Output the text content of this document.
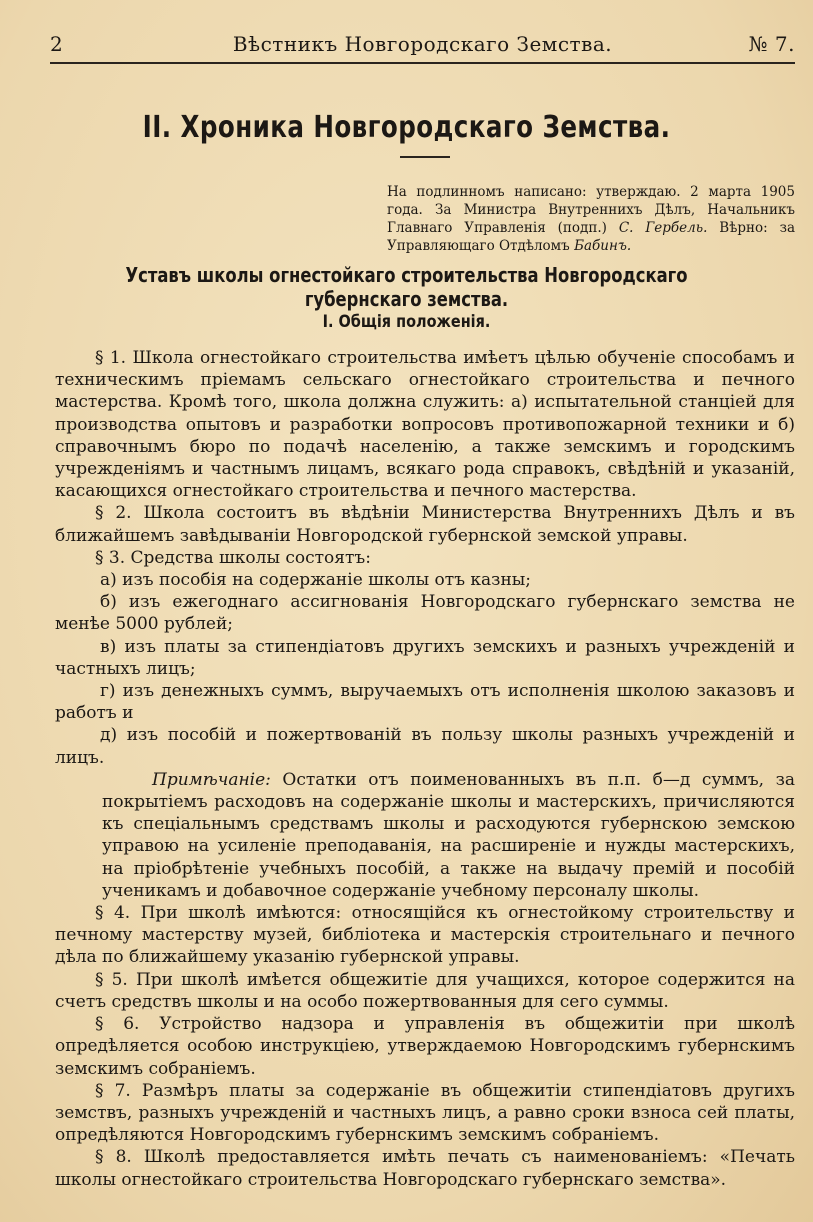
2	Вѣстникъ Новгородскаго Земства.	№ 7.
II. Хроника Новгородскаго Земства.

На подлинномъ написано: утверждаю. 2 марта 1905 года. За Министра Внутреннихъ Дѣлъ, Начальникъ Главнаго Управленія (подп.) С. Гербель. Вѣрно: за Управляющаго Отдѣломъ Бабинъ.

Уставъ школы огнестойкаго строительства Новгородскаго губернскаго земства.
I. Общія положенія.

§ 1. Школа огнестойкаго строительства имѣетъ цѣлью обученіе способамъ и техническимъ пріемамъ сельскаго огнестойкаго строительства и печного мастерства. Кромѣ того, школа должна служить: а) испытательной станціей для производства опытовъ и разработки вопросовъ противопожарной техники и б) справочнымъ бюро по подачѣ населенію, а также земскимъ и городскимъ учрежденіямъ и частнымъ лицамъ, всякаго рода справокъ, свѣдѣній и указаній, касающихся огнестойкаго строительства и печного мастерства.

§ 2. Школа состоитъ въ вѣдѣніи Министерства Внутреннихъ Дѣлъ и въ ближайшемъ завѣдываніи Новгородской губернской земской управы.

§ 3. Средства школы состоятъ:

а) изъ пособія на содержаніе школы отъ казны;

б) изъ ежегоднаго ассигнованія Новгородскаго губернскаго земства не менѣе 5000 рублей;

в) изъ платы за стипендіатовъ другихъ земскихъ и разныхъ учрежденій и частныхъ лицъ;

г) изъ денежныхъ суммъ, выручаемыхъ отъ исполненія школою заказовъ и работъ и

д) изъ пособій и пожертвованій въ пользу школы разныхъ учрежденій и лицъ.

Примѣчаніе: Остатки отъ поименованныхъ въ п.п. б—д суммъ, за покрытіемъ расходовъ на содержаніе школы и мастерскихъ, причисляются къ спеціальнымъ средствамъ школы и расходуются губернскою земскою управою на усиленіе преподаванія, на расширеніе и нужды мастерскихъ, на пріобрѣтеніе учебныхъ пособій, а также на выдачу премій и пособій ученикамъ и добавочное содержаніе учебному персоналу школы.

§ 4. При школѣ имѣются: относящійся къ огнестойкому строительству и печному мастерству музей, библіотека и мастерскія строительнаго и печного дѣла по ближайшему указанію губернской управы.

§ 5. При школѣ имѣется общежитіе для учащихся, которое содержится на счетъ средствъ школы и на особо пожертвованныя для сего суммы.

§ 6. Устройство надзора и управленія въ общежитіи при школѣ опредѣляется особою инструкціею, утверждаемою Новгородскимъ губернскимъ земскимъ собраніемъ.

§ 7. Размѣръ платы за содержаніе въ общежитіи стипендіатовъ другихъ земствъ, разныхъ учрежденій и частныхъ лицъ, а равно сроки взноса сей платы, опредѣляются Новгородскимъ губернскимъ земскимъ собраніемъ.

§ 8. Школѣ предоставляется имѣть печать съ наименованіемъ: «Печать школы огнестойкаго строительства Новгородскаго губернскаго земства».
